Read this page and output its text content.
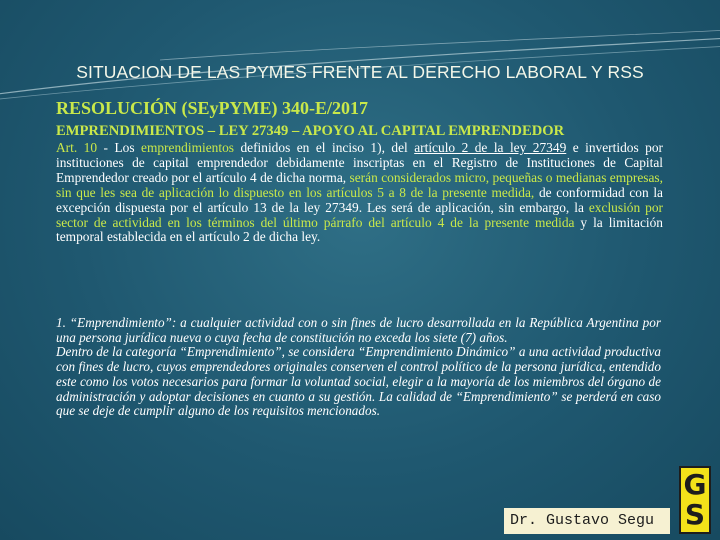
SITUACION DE LAS PYMES FRENTE AL DERECHO LABORAL Y RSS
RESOLUCIÓN (SEyPYME) 340-E/2017
EMPRENDIMIENTOS – LEY 27349 – APOYO AL CAPITAL EMPRENDEDOR
Art. 10 - Los emprendimientos definidos en el inciso 1), del artículo 2 de la ley 27349 e invertidos por instituciones de capital emprendedor debidamente inscriptas en el Registro de Instituciones de Capital Emprendedor creado por el artículo 4 de dicha norma, serán considerados micro, pequeñas o medianas empresas, sin que les sea de aplicación lo dispuesto en los artículos 5 a 8 de la presente medida, de conformidad con la excepción dispuesta por el artículo 13 de la ley 27349. Les será de aplicación, sin embargo, la exclusión por sector de actividad en los términos del último párrafo del artículo 4 de la presente medida y la limitación temporal establecida en el artículo 2 de dicha ley.

1. “Emprendimiento”: a cualquier actividad con o sin fines de lucro desarrollada en la República Argentina por una persona jurídica nueva o cuya fecha de constitución no exceda los siete (7) años.

Dentro de la categoría “Emprendimiento”, se considera “Emprendimiento Dinámico” a una actividad productiva con fines de lucro, cuyos emprendedores originales conserven el control político de la persona jurídica, entendido este como los votos necesarios para formar la voluntad social, elegir a la mayoría de los miembros del órgano de administración y adoptar decisiones en cuanto a su gestión. La calidad de “Emprendimiento” se perderá en caso que se deje de cumplir alguno de los requisitos mencionados.

Dr. Gustavo Segu
G
S
